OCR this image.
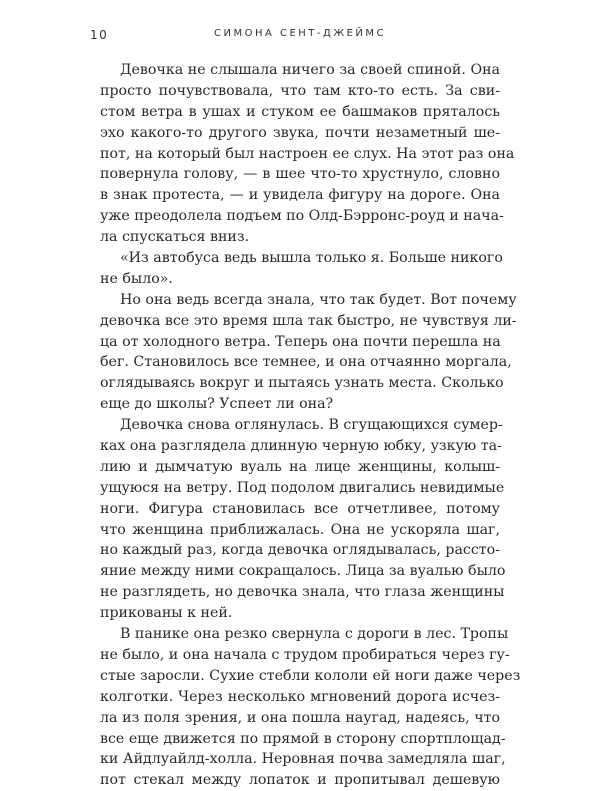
10	СИМОНА СЕНТ-ДЖЕЙМС
Девочка не слышала ничего за своей спиной. Она
просто почувствовала, что там кто-то есть. За сви-
стом ветра в ушах и стуком ее башмаков пряталось
эхо какого-то другого звука, почти незаметный ше-
пот, на который был настроен ее слух. На этот раз она
повернула голову, — в шее что-то хрустнуло, словно
в знак протеста, — и увидела фигуру на дороге. Она
уже преодолела подъем по Олд-Бэрронс-роуд и нача-
ла спускаться вниз.
«Из автобуса ведь вышла только я. Больше никого
не было».
Но она ведь всегда знала, что так будет. Вот почему
девочка все это время шла так быстро, не чувствуя ли-
ца от холодного ветра. Теперь она почти перешла на
бег. Становилось все темнее, и она отчаянно моргала,
оглядываясь вокруг и пытаясь узнать места. Сколько
еще до школы? Успеет ли она?
Девочка снова оглянулась. В сгущающихся сумер-
ках она разглядела длинную черную юбку, узкую та-
лию и дымчатую вуаль на лице женщины, колыш-
ущуюся на ветру. Под подолом двигались невидимые
ноги. Фигура становилась все отчетливее, потому
что женщина приближалась. Она не ускоряла шаг,
но каждый раз, когда девочка оглядывалась, рассто-
яние между ними сокращалось. Лица за вуалью было
не разглядеть, но девочка знала, что глаза женщины
прикованы к ней.
В панике она резко свернула с дороги в лес. Тропы
не было, и она начала с трудом пробираться через гу-
стые заросли. Сухие стебли кололи ей ноги даже через
колготки. Через несколько мгновений дорога исчез-
ла из поля зрения, и она пошла наугад, надеясь, что
все еще движется по прямой в сторону спортплощад-
ки Айдлуайлд-холла. Неровная почва замедляла шаг,
пот стекал между лопаток и пропитывал дешевую
